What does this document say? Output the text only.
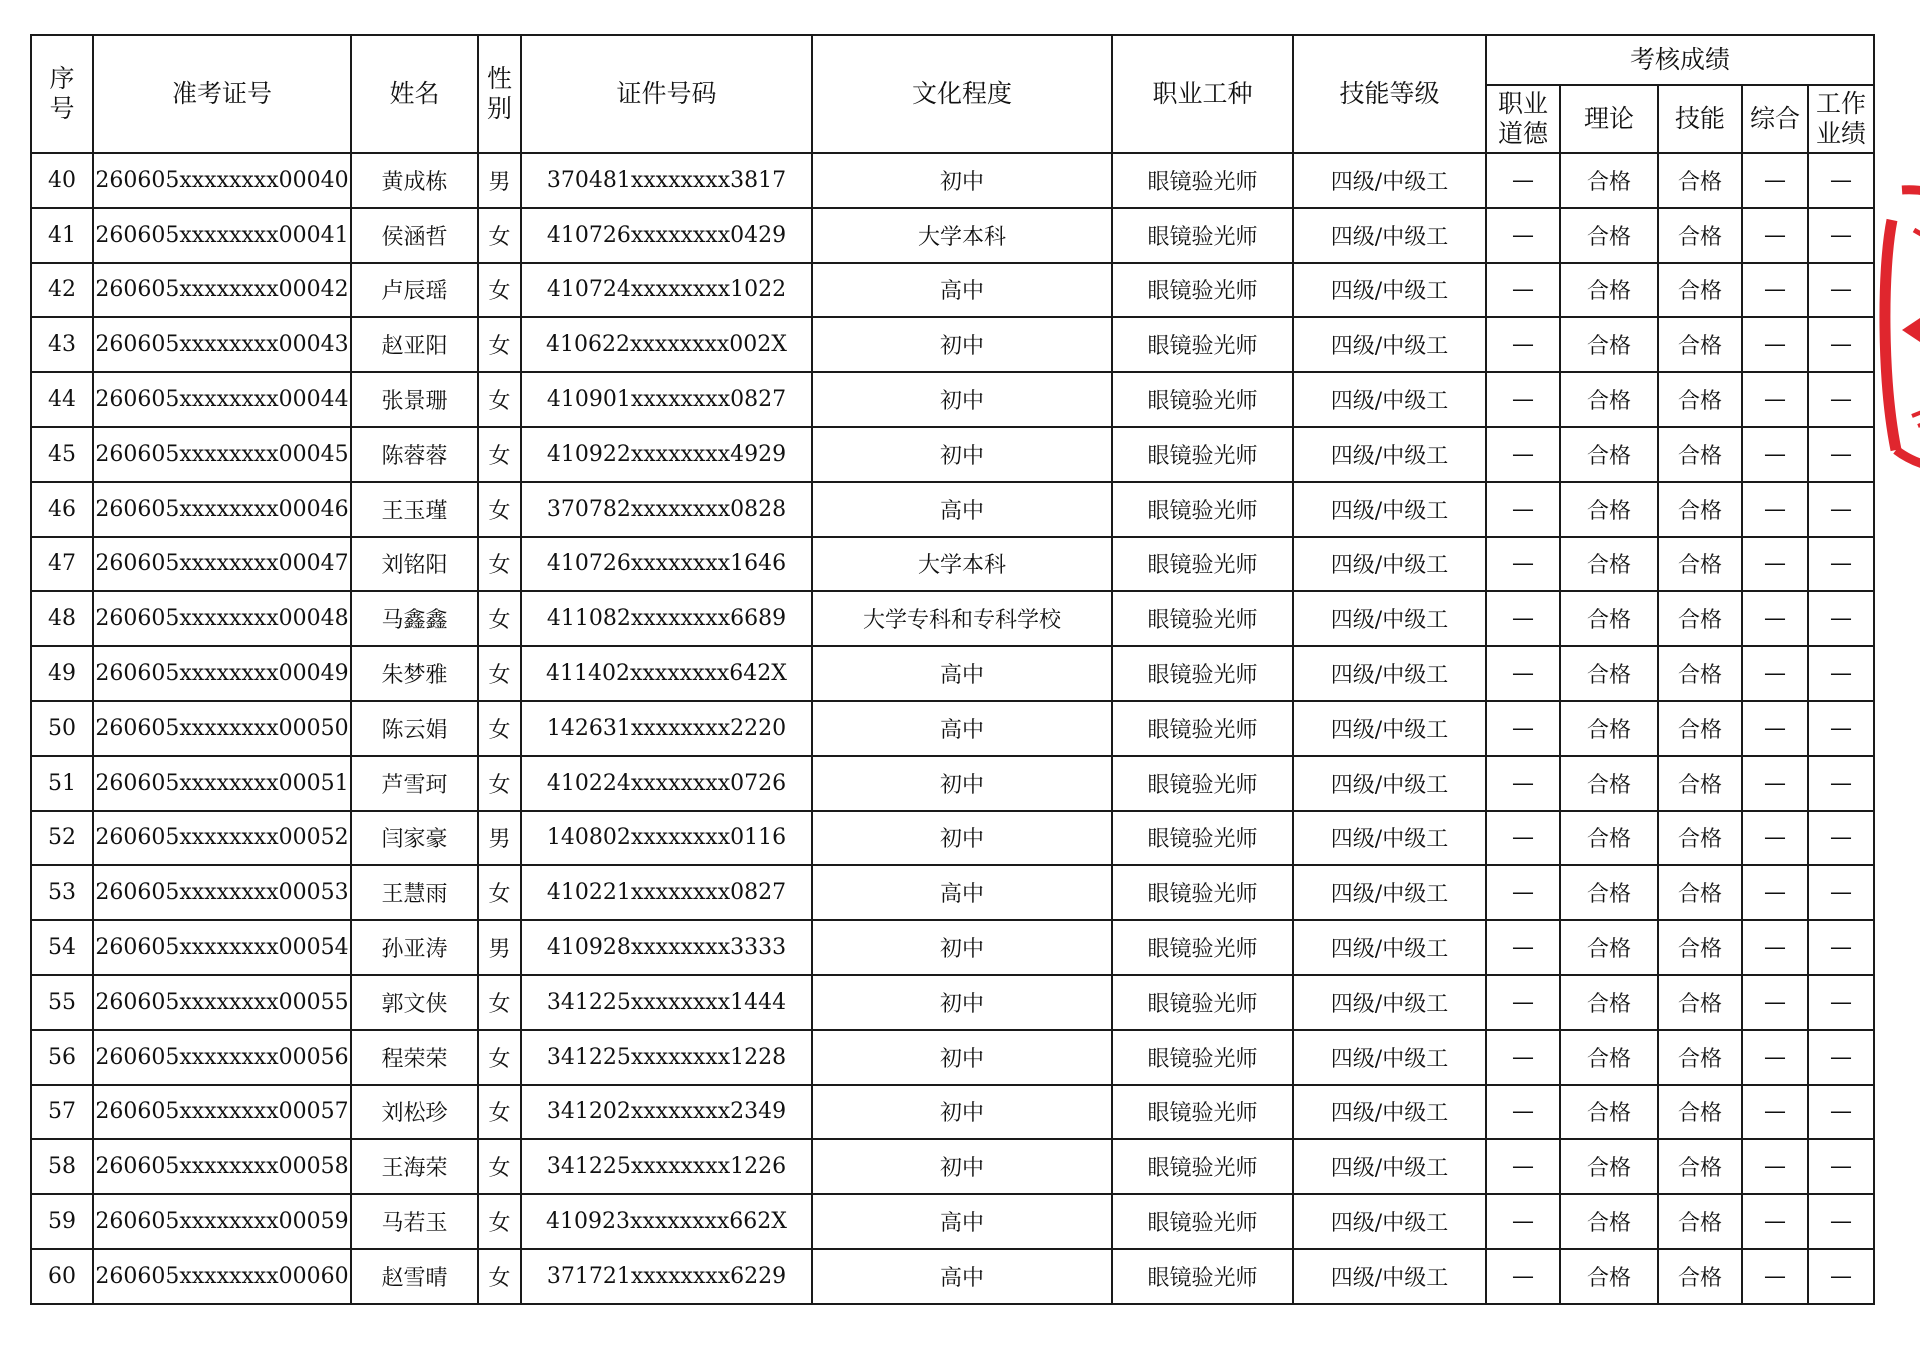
序号	准考证号	姓名	性别	证件号码	文化程度	职业工种	技能等级	考核成绩				
								职业道德	理论	技能	综合	工作业绩
40	260605xxxxxxxx00040	黄成栋	男	370481xxxxxxxx3817	初中	眼镜验光师	四级/中级工	—	合格	合格	—	—
41	260605xxxxxxxx00041	侯涵哲	女	410726xxxxxxxx0429	大学本科	眼镜验光师	四级/中级工	—	合格	合格	—	—
42	260605xxxxxxxx00042	卢辰瑶	女	410724xxxxxxxx1022	高中	眼镜验光师	四级/中级工	—	合格	合格	—	—
43	260605xxxxxxxx00043	赵亚阳	女	410622xxxxxxxx002X	初中	眼镜验光师	四级/中级工	—	合格	合格	—	—
44	260605xxxxxxxx00044	张景珊	女	410901xxxxxxxx0827	初中	眼镜验光师	四级/中级工	—	合格	合格	—	—
45	260605xxxxxxxx00045	陈蓉蓉	女	410922xxxxxxxx4929	初中	眼镜验光师	四级/中级工	—	合格	合格	—	—
46	260605xxxxxxxx00046	王玉瑾	女	370782xxxxxxxx0828	高中	眼镜验光师	四级/中级工	—	合格	合格	—	—
47	260605xxxxxxxx00047	刘铭阳	女	410726xxxxxxxx1646	大学本科	眼镜验光师	四级/中级工	—	合格	合格	—	—
48	260605xxxxxxxx00048	马鑫鑫	女	411082xxxxxxxx6689	大学专科和专科学校	眼镜验光师	四级/中级工	—	合格	合格	—	—
49	260605xxxxxxxx00049	朱梦雅	女	411402xxxxxxxx642X	高中	眼镜验光师	四级/中级工	—	合格	合格	—	—
50	260605xxxxxxxx00050	陈云娟	女	142631xxxxxxxx2220	高中	眼镜验光师	四级/中级工	—	合格	合格	—	—
51	260605xxxxxxxx00051	芦雪珂	女	410224xxxxxxxx0726	初中	眼镜验光师	四级/中级工	—	合格	合格	—	—
52	260605xxxxxxxx00052	闫家豪	男	140802xxxxxxxx0116	初中	眼镜验光师	四级/中级工	—	合格	合格	—	—
53	260605xxxxxxxx00053	王慧雨	女	410221xxxxxxxx0827	高中	眼镜验光师	四级/中级工	—	合格	合格	—	—
54	260605xxxxxxxx00054	孙亚涛	男	410928xxxxxxxx3333	初中	眼镜验光师	四级/中级工	—	合格	合格	—	—
55	260605xxxxxxxx00055	郭文侠	女	341225xxxxxxxx1444	初中	眼镜验光师	四级/中级工	—	合格	合格	—	—
56	260605xxxxxxxx00056	程荣荣	女	341225xxxxxxxx1228	初中	眼镜验光师	四级/中级工	—	合格	合格	—	—
57	260605xxxxxxxx00057	刘松珍	女	341202xxxxxxxx2349	初中	眼镜验光师	四级/中级工	—	合格	合格	—	—
58	260605xxxxxxxx00058	王海荣	女	341225xxxxxxxx1226	初中	眼镜验光师	四级/中级工	—	合格	合格	—	—
59	260605xxxxxxxx00059	马若玉	女	410923xxxxxxxx662X	高中	眼镜验光师	四级/中级工	—	合格	合格	—	—
60	260605xxxxxxxx00060	赵雪晴	女	371721xxxxxxxx6229	高中	眼镜验光师	四级/中级工	—	合格	合格	—	—
